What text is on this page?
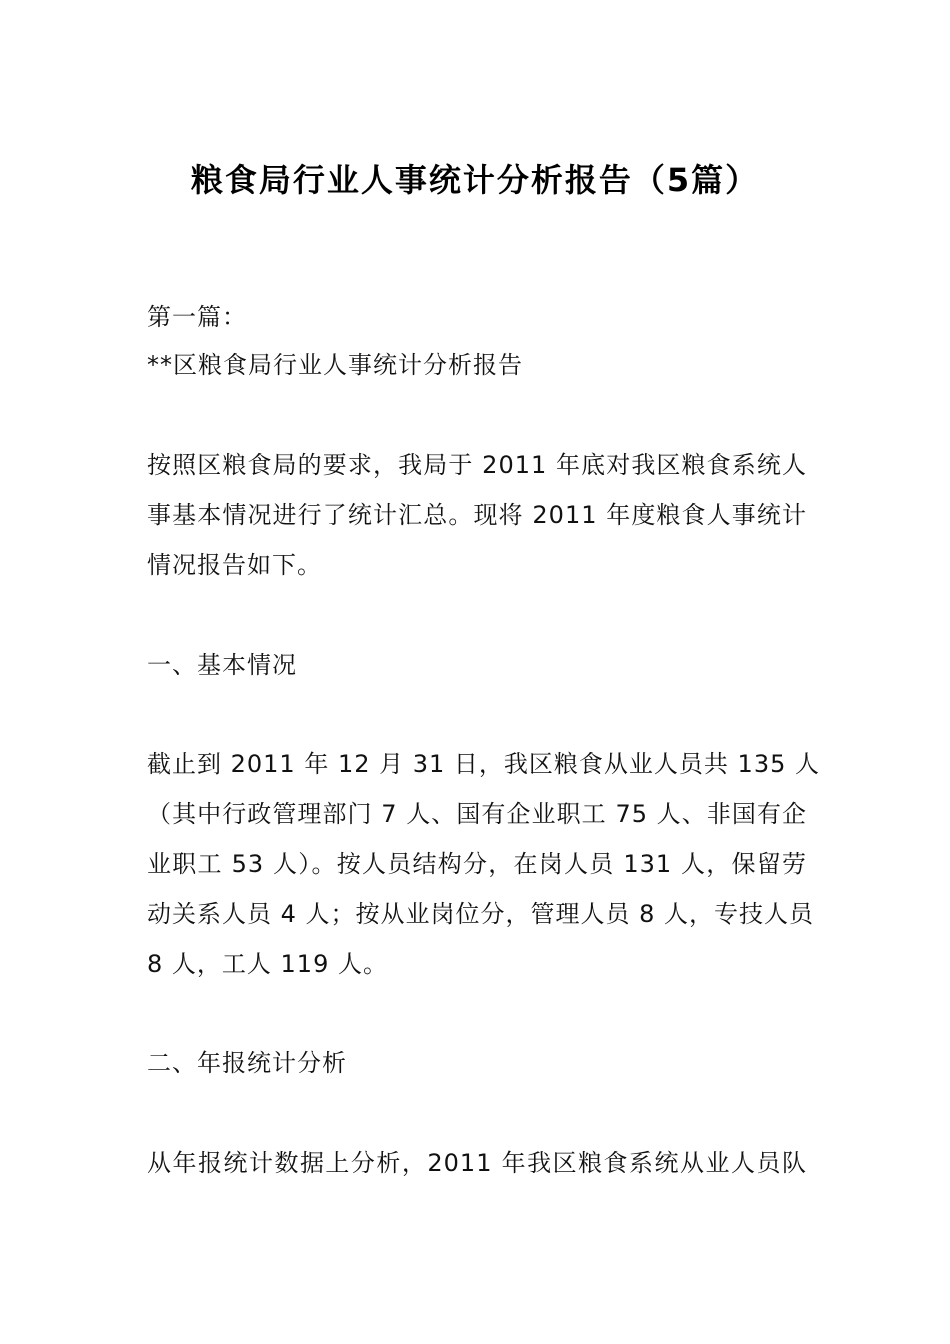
粮食局行业人事统计分析报告（5篇）
第一篇：
**区粮食局行业人事统计分析报告
按照区粮食局的要求，我局于 2011 年底对我区粮食系统人
事基本情况进行了统计汇总。现将 2011 年度粮食人事统计
情况报告如下。
一、基本情况
截止到 2011 年 12 月 31 日，我区粮食从业人员共 135 人
（其中行政管理部门 7 人、国有企业职工 75 人、非国有企
业职工 53 人）。按人员结构分，在岗人员 131 人，保留劳
动关系人员 4 人；按从业岗位分，管理人员 8 人，专技人员
8 人，工人 119 人。
二、年报统计分析
从年报统计数据上分析，2011 年我区粮食系统从业人员队
